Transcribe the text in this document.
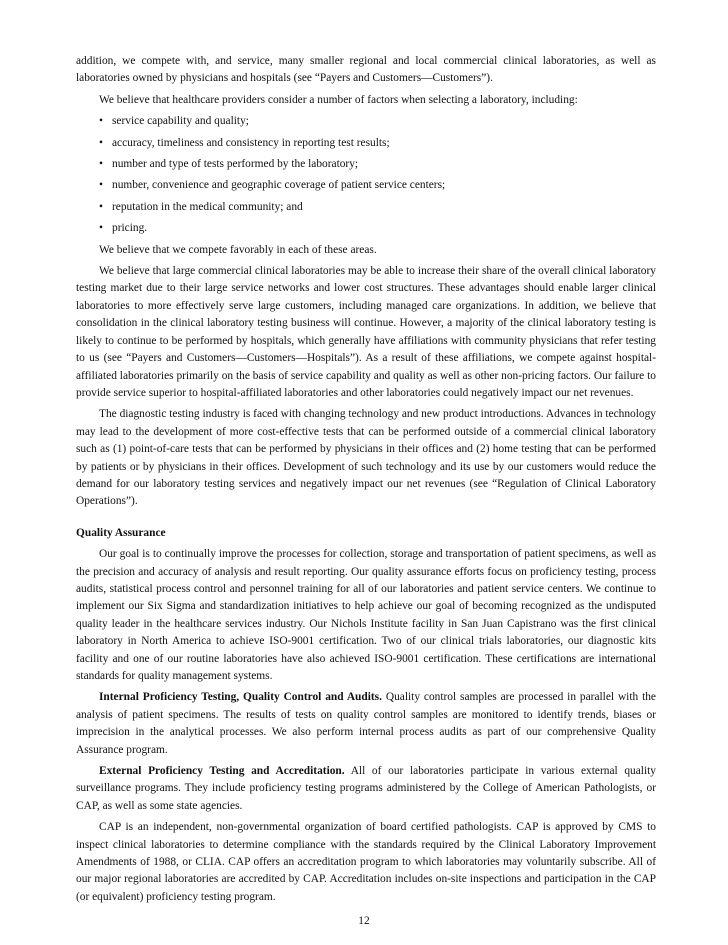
addition, we compete with, and service, many smaller regional and local commercial clinical laboratories, as well as laboratories owned by physicians and hospitals (see “Payers and Customers—Customers”).

We believe that healthcare providers consider a number of factors when selecting a laboratory, including:

• service capability and quality;
• accuracy, timeliness and consistency in reporting test results;
• number and type of tests performed by the laboratory;
• number, convenience and geographic coverage of patient service centers;
• reputation in the medical community; and
• pricing.

We believe that we compete favorably in each of these areas.

We believe that large commercial clinical laboratories may be able to increase their share of the overall clinical laboratory testing market due to their large service networks and lower cost structures. These advantages should enable larger clinical laboratories to more effectively serve large customers, including managed care organizations. In addition, we believe that consolidation in the clinical laboratory testing business will continue. However, a majority of the clinical laboratory testing is likely to continue to be performed by hospitals, which generally have affiliations with community physicians that refer testing to us (see “Payers and Customers—Customers—Hospitals”). As a result of these affiliations, we compete against hospital-affiliated laboratories primarily on the basis of service capability and quality as well as other non-pricing factors. Our failure to provide service superior to hospital-affiliated laboratories and other laboratories could negatively impact our net revenues.

The diagnostic testing industry is faced with changing technology and new product introductions. Advances in technology may lead to the development of more cost-effective tests that can be performed outside of a commercial clinical laboratory such as (1) point-of-care tests that can be performed by physicians in their offices and (2) home testing that can be performed by patients or by physicians in their offices. Development of such technology and its use by our customers would reduce the demand for our laboratory testing services and negatively impact our net revenues (see “Regulation of Clinical Laboratory Operations”).

Quality Assurance

Our goal is to continually improve the processes for collection, storage and transportation of patient specimens, as well as the precision and accuracy of analysis and result reporting. Our quality assurance efforts focus on proficiency testing, process audits, statistical process control and personnel training for all of our laboratories and patient service centers. We continue to implement our Six Sigma and standardization initiatives to help achieve our goal of becoming recognized as the undisputed quality leader in the healthcare services industry. Our Nichols Institute facility in San Juan Capistrano was the first clinical laboratory in North America to achieve ISO-9001 certification. Two of our clinical trials laboratories, our diagnostic kits facility and one of our routine laboratories have also achieved ISO-9001 certification. These certifications are international standards for quality management systems.

Internal Proficiency Testing, Quality Control and Audits. Quality control samples are processed in parallel with the analysis of patient specimens. The results of tests on quality control samples are monitored to identify trends, biases or imprecision in the analytical processes. We also perform internal process audits as part of our comprehensive Quality Assurance program.

External Proficiency Testing and Accreditation. All of our laboratories participate in various external quality surveillance programs. They include proficiency testing programs administered by the College of American Pathologists, or CAP, as well as some state agencies.

CAP is an independent, non-governmental organization of board certified pathologists. CAP is approved by CMS to inspect clinical laboratories to determine compliance with the standards required by the Clinical Laboratory Improvement Amendments of 1988, or CLIA. CAP offers an accreditation program to which laboratories may voluntarily subscribe. All of our major regional laboratories are accredited by CAP. Accreditation includes on-site inspections and participation in the CAP (or equivalent) proficiency testing program.

12
